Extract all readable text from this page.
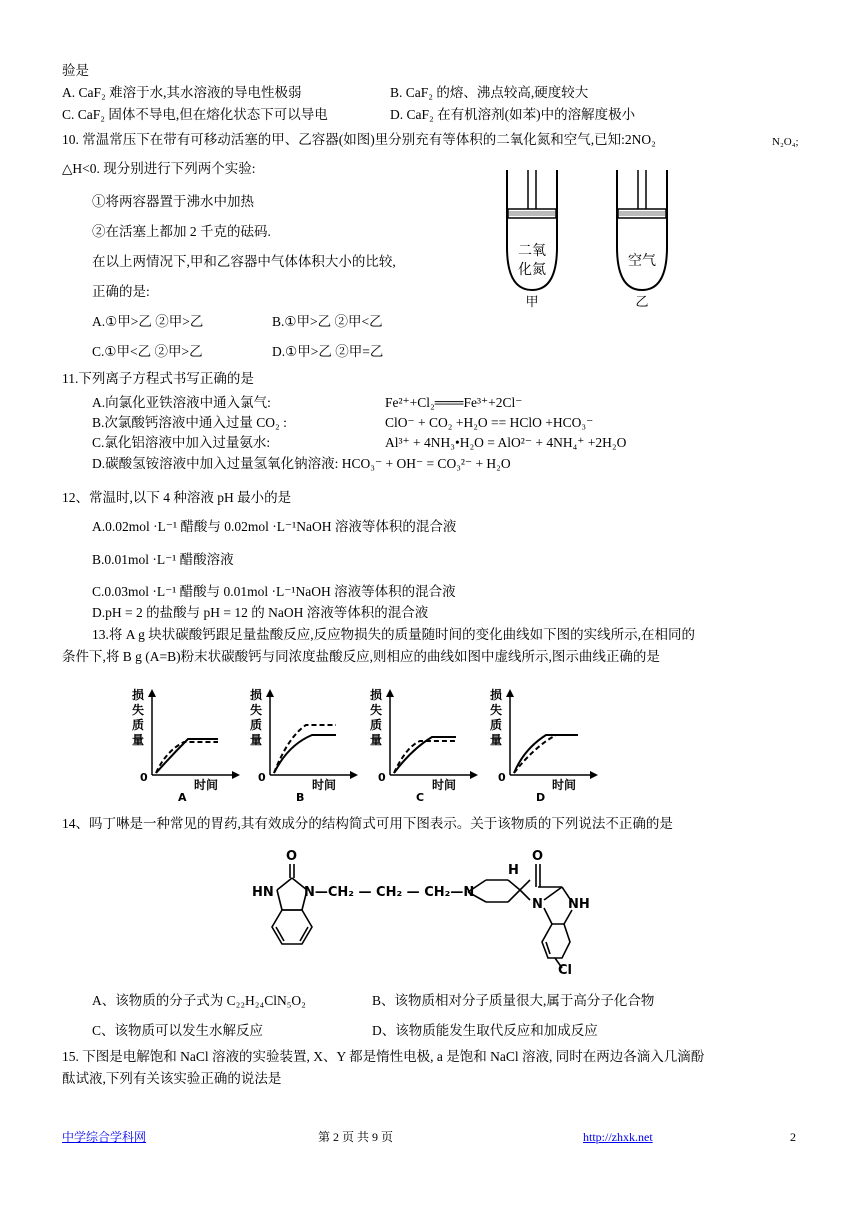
验是
A. CaF₂ 难溶于水,其水溶液的导电性极弱	B. CaF₂ 的熔、沸点较高,硬度较大
C. CaF₂ 固体不导电,但在熔化状态下可以导电	D. CaF₂ 在有机溶剂(如苯)中的溶解度极小
10. 常温常压下在带有可移动活塞的甲、乙容器(如图)里分别充有等体积的二氧化氮和空气,已知:2NO₂	N₂O₄;
△H<0. 现分别进行下列两个实验:
①将两容器置于沸水中加热
②在活塞上都加 2 千克的砝码.
在以上两情况下,甲和乙容器中气体体积大小的比较,
正确的是:
A.①甲>乙 ②甲>乙	B.①甲>乙 ②甲<乙
C.①甲<乙 ②甲>乙	D.①甲>乙 ②甲=乙
二氧
化氮
甲
空气
乙
11.下列离子方程式书写正确的是
A.向氯化亚铁溶液中通入氯气:	Fe²⁺+Cl₂═══Fe³⁺+2Cl⁻
B.次氯酸钙溶液中通入过量 CO₂ :	ClO⁻ + CO₂ +H₂O == HClO +HCO₃⁻
C.氯化铝溶液中加入过量氨水:	Al³⁺ + 4NH₃•H₂O = AlO²⁻ + 4NH₄⁺ +2H₂O
D.碳酸氢铵溶液中加入过量氢氧化钠溶液: HCO₃⁻ + OH⁻ = CO₃²⁻ + H₂O
12、常温时,以下 4 种溶液 pH 最小的是
A.0.02mol ·L⁻¹ 醋酸与 0.02mol ·L⁻¹NaOH 溶液等体积的混合液
B.0.01mol ·L⁻¹ 醋酸溶液
C.0.03mol ·L⁻¹ 醋酸与 0.01mol ·L⁻¹NaOH 溶液等体积的混合液
D.pH = 2 的盐酸与 pH = 12 的 NaOH 溶液等体积的混合液
13.将 A g 块状碳酸钙跟足量盐酸反应,反应物损失的质量随时间的变化曲线如下图的实线所示,在相同的
条件下,将 B g (A=B)粉末状碳酸钙与同浓度盐酸反应,则相应的曲线如图中虚线所示,图示曲线正确的是
损
失
质
量
0
时间
A
损
失
质
量
0
时间
B
损
失
质
量
0
时间
C
损
失
质
量
0
时间
D
14、吗丁啉是一种常见的胃药,其有效成分的结构简式可用下图表示。关于该物质的下列说法不正确的是
O
HN N—CH₂ — CH₂ — CH₂—N
H
O
N NH
Cl
A、该物质的分子式为 C₂₂H₂₄ClN₅O₂	B、该物质相对分子质量很大,属于高分子化合物
C、该物质可以发生水解反应	D、该物质能发生取代反应和加成反应
15. 下图是电解饱和 NaCl 溶液的实验装置, X、Y 都是惰性电极, a 是饱和 NaCl 溶液, 同时在两边各滴入几滴酚
酞试液,下列有关该实验正确的说法是
中学综合学科网	第 2 页 共 9 页	http://zhxk.net	2
